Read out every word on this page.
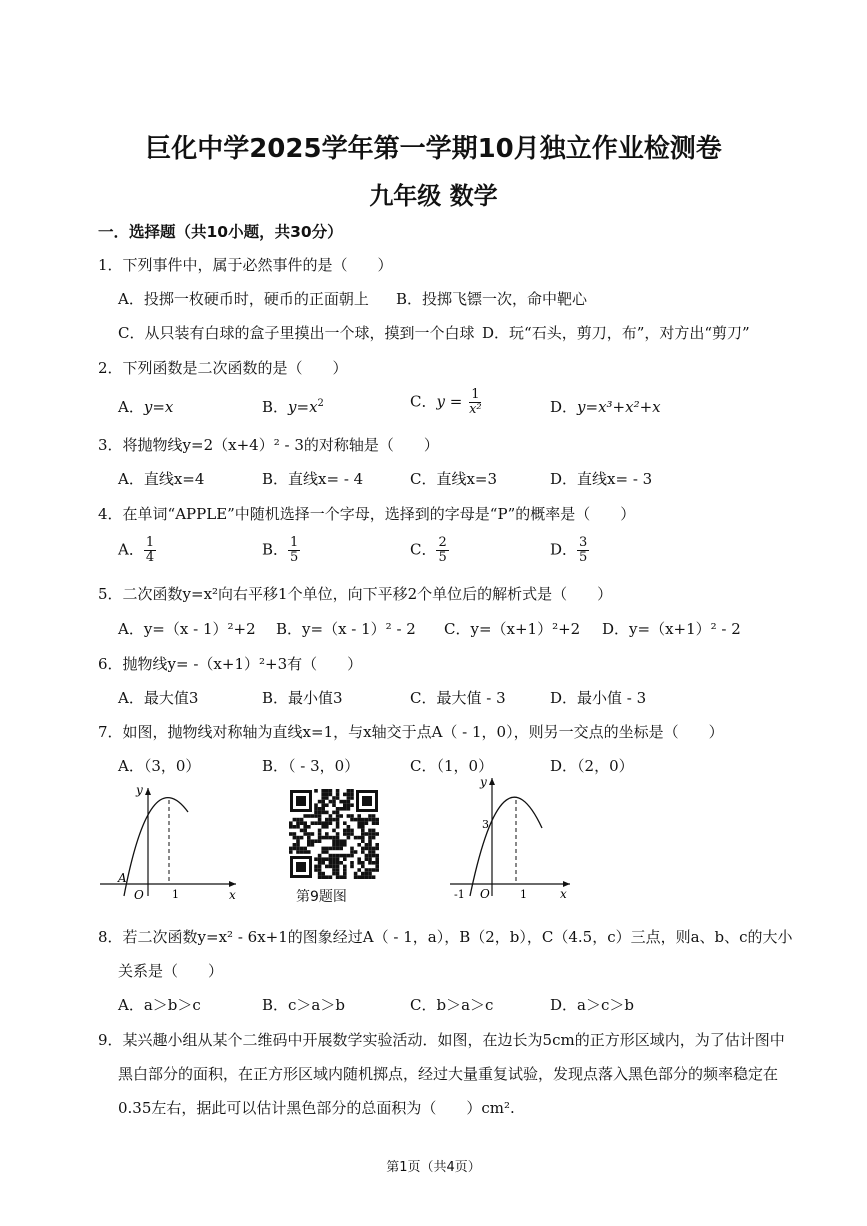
巨化中学2025学年第一学期10月独立作业检测卷
九年级 数学
一．选择题（共10小题，共30分）
1．下列事件中，属于必然事件的是（　　）
A．投掷一枚硬币时，硬币的正面朝上 B．投掷飞镖一次，命中靶心
C．从只装有白球的盒子里摸出一个球，摸到一个白球 D．玩“石头，剪刀，布”，对方出“剪刀”
2．下列函数是二次函数的是（　　）
A．y=x	B．$y=x^2$	C．$y = \frac{1}{\text{x²}}$	D．y=x³+x²+x
3．将抛物线y=2（x+4）² - 3的对称轴是（　　）
A．直线x=4	B．直线x= - 4	C．直线x=3	D．直线x= - 3
4．在单词“APPLE”中随机选择一个字母，选择到的字母是“P”的概率是（　　）
A． $\frac{1}{4}$	B． $\frac{1}{5}$	C． $\frac{2}{5}$	D． $\frac{3}{5}$
5．二次函数y=x²向右平移1个单位，向下平移2个单位后的解析式是（　　）
A．y=（x - 1）²+2 B．y=（x - 1）² - 2 C．y=（x+1）²+2 D．y=（x+1）² - 2
6．抛物线y= -（x+1）²+3有（　　）
A．最大值3	B．最小值3	C．最大值 - 3	D．最小值 - 3
7．如图，抛物线对称轴为直线x=1，与x轴交于点A（ - 1，0），则另一交点的坐标是（　　）
A．（3，0）	B．（ - 3，0）	C．（1，0）	D．（2，0）
y
x
O
A
1	第9题图
y
x
O
-1	1
3
8．若二次函数y=x² - 6x+1的图象经过A（ - 1，a），B（2，b），C（4.5，c）三点，则a、b、c的大小
关系是（　　）
A．a＞b＞c	B．c＞a＞b	C．b＞a＞c	D．a＞c＞b
9．某兴趣小组从某个二维码中开展数学实验活动．如图，在边长为5cm的正方形区域内，为了估计图中
黑白部分的面积，在正方形区域内随机掷点，经过大量重复试验，发现点落入黑色部分的频率稳定在
0.35左右，据此可以估计黑色部分的总面积为（　　）cm².
第1页（共4页）
